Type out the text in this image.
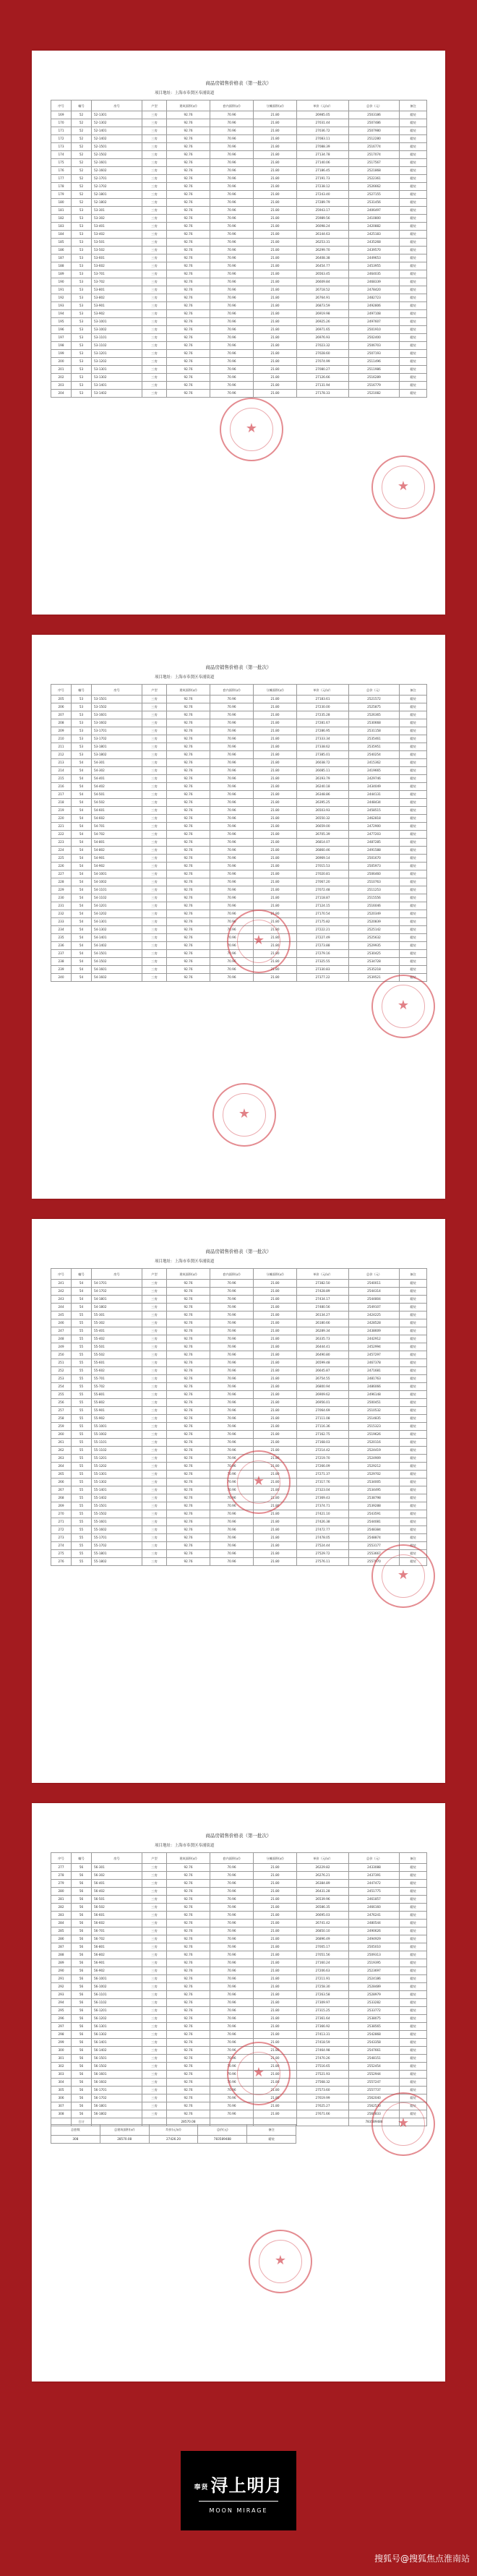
商品房销售价格表（第一批次）
项目地址：上海市奉贤区奉浦街道
序号	幢号	房号	户型	建筑面积(㎡)	套内面积(㎡)	分摊面积(㎡)	单价（元/㎡）	总价（元）	备注
169	52	52-1301	三房	92.76	70.96	21.80	26985.05	2503186	精装
170	52	52-1302	三房	92.76	70.96	21.80	27031.44	2507486	精装
171	52	52-1401	三房	92.76	70.96	21.80	27036.72	2507980	精装
172	52	52-1402	三房	92.76	70.96	21.80	27083.11	2512280	精装
173	52	52-1501	三房	92.76	70.96	21.80	27088.39	2516774	精装
174	52	52-1502	三房	92.76	70.96	21.80	27134.78	2517074	精装
175	52	52-1601	三房	92.76	70.96	21.80	27140.06	2517567	精装
176	52	52-1602	三房	92.76	70.96	21.80	27186.45	2521868	精装
177	52	52-1701	三房	92.76	70.96	21.80	27191.73	2522361	精装
178	52	52-1702	三房	92.76	70.96	21.80	27238.12	2526662	精装
179	52	52-1801	三房	92.76	70.96	21.80	27243.40	2527155	精装
180	52	52-1802	三房	92.76	70.96	21.80	27289.79	2531456	精装
181	53	53-301	三房	92.76	70.96	21.80	25943.17	2406497	精装
182	53	53-302	三房	92.76	70.96	21.80	25989.56	2410800	精装
183	53	53-401	三房	92.76	70.96	21.80	26098.24	2420882	精装
184	53	53-402	三房	92.76	70.96	21.80	26144.63	2425183	精装
185	53	53-501	三房	92.76	70.96	21.80	26253.31	2435268	精装
186	53	53-502	三房	92.76	70.96	21.80	26299.70	2439570	精装
187	53	53-601	三房	92.76	70.96	21.80	26408.38	2449653	精装
188	53	53-602	三房	92.76	70.96	21.80	26454.77	2453955	精装
189	53	53-701	三房	92.76	70.96	21.80	26563.45	2464035	精装
190	53	53-702	三房	92.76	70.96	21.80	26609.84	2468339	精装
191	53	53-801	三房	92.76	70.96	21.80	26718.52	2478420	精装
192	53	53-802	三房	92.76	70.96	21.80	26764.91	2482723	精装
193	53	53-901	三房	92.76	70.96	21.80	26873.59	2492806	精装
194	53	53-902	三房	92.76	70.96	21.80	26919.98	2497108	精装
195	53	53-1001	三房	92.76	70.96	21.80	26925.26	2497607	精装
196	53	53-1002	三房	92.76	70.96	21.80	26971.65	2501910	精装
197	53	53-1101	三房	92.76	70.96	21.80	26976.93	2502400	精装
198	53	53-1102	三房	92.76	70.96	21.80	27023.32	2506703	精装
199	53	53-1201	三房	92.76	70.96	21.80	27028.60	2507193	精装
200	53	53-1202	三房	92.76	70.96	21.80	27074.99	2511496	精装
201	53	53-1301	三房	92.76	70.96	21.80	27080.27	2511986	精装
202	53	53-1302	三房	92.76	70.96	21.80	27126.66	2516289	精装
203	53	53-1401	三房	92.76	70.96	21.80	27131.94	2516779	精装
204	53	53-1402	三房	92.76	70.96	21.80	27178.33	2521082	精装
★
★
商品房销售价格表（第一批次）
项目地址：上海市奉贤区奉浦街道
序号	幢号	房号	户型	建筑面积(㎡)	套内面积(㎡)	分摊面积(㎡)	单价（元/㎡）	总价（元）	备注
205	53	53-1501	三房	92.76	70.96	21.80	27183.61	2521572	精装
206	53	53-1502	三房	92.76	70.96	21.80	27230.00	2525875	精装
207	53	53-1601	三房	92.76	70.96	21.80	27235.28	2526365	精装
208	53	53-1602	三房	92.76	70.96	21.80	27281.67	2530668	精装
209	53	53-1701	三房	92.76	70.96	21.80	27286.95	2531158	精装
210	53	53-1702	三房	92.76	70.96	21.80	27333.34	2535461	精装
211	53	53-1801	三房	92.76	70.96	21.80	27338.62	2535951	精装
212	53	53-1802	三房	92.76	70.96	21.80	27385.01	2540254	精装
213	54	54-301	三房	92.76	70.96	21.80	26038.72	2415362	精装
214	54	54-302	三房	92.76	70.96	21.80	26085.11	2419665	精装
215	54	54-401	三房	92.76	70.96	21.80	26193.79	2429746	精装
216	54	54-402	三房	92.76	70.96	21.80	26240.18	2434049	精装
217	54	54-501	三房	92.76	70.96	21.80	26348.86	2444131	精装
218	54	54-502	三房	92.76	70.96	21.80	26395.25	2448434	精装
219	54	54-601	三房	92.76	70.96	21.80	26503.93	2458515	精装
220	54	54-602	三房	92.76	70.96	21.80	26550.32	2462818	精装
221	54	54-701	三房	92.76	70.96	21.80	26659.00	2472900	精装
222	54	54-702	三房	92.76	70.96	21.80	26705.39	2477203	精装
223	54	54-801	三房	92.76	70.96	21.80	26814.07	2487285	精装
224	54	54-802	三房	92.76	70.96	21.80	26860.46	2491588	精装
225	54	54-901	三房	92.76	70.96	21.80	26969.14	2501670	精装
226	54	54-902	三房	92.76	70.96	21.80	27015.53	2505973	精装
227	54	54-1001	三房	92.76	70.96	21.80	27020.81	2506460	精装
228	54	54-1002	三房	92.76	70.96	21.80	27067.20	2510763	精装
229	54	54-1101	三房	92.76	70.96	21.80	27072.48	2511253	精装
230	54	54-1102	三房	92.76	70.96	21.80	27118.87	2515556	精装
231	54	54-1201	三房	92.76	70.96	21.80	27124.15	2516046	精装
232	54	54-1202	三房	92.76	70.96	21.80	27170.54	2520349	精装
233	54	54-1301	三房	92.76	70.96	21.80	27175.82	2520839	精装
234	54	54-1302	三房	92.76	70.96	21.80	27222.21	2525142	精装
235	54	54-1401	三房	92.76	70.96	21.80	27227.49	2525632	精装
236	54	54-1402	三房	92.76	70.96	21.80	27273.88	2529935	精装
237	54	54-1501	三房	92.76	70.96	21.80	27279.16	2530425	精装
238	54	54-1502	三房	92.76	70.96	21.80	27325.55	2534728	精装
239	54	54-1601	三房	92.76	70.96	21.80	27330.83	2535218	精装
240	54	54-1602	三房	92.76	70.96	21.80	27377.22	2539521	精装
★
★
★
商品房销售价格表（第一批次）
项目地址：上海市奉贤区奉浦街道
序号	幢号	房号	户型	建筑面积(㎡)	套内面积(㎡)	分摊面积(㎡)	单价（元/㎡）	总价（元）	备注
241	54	54-1701	三房	92.76	70.96	21.80	27382.50	2540011	精装
242	54	54-1702	三房	92.76	70.96	21.80	27428.89	2544314	精装
243	54	54-1801	三房	92.76	70.96	21.80	27434.17	2544804	精装
244	54	54-1802	三房	92.76	70.96	21.80	27480.56	2549107	精装
245	55	55-301	三房	92.76	70.96	21.80	26134.27	2424225	精装
246	55	55-302	三房	92.76	70.96	21.80	26180.66	2428528	精装
247	55	55-401	三房	92.76	70.96	21.80	26289.34	2438609	精装
248	55	55-402	三房	92.76	70.96	21.80	26335.73	2442912	精装
249	55	55-501	三房	92.76	70.96	21.80	26444.41	2452994	精装
250	55	55-502	三房	92.76	70.96	21.80	26490.80	2457297	精装
251	55	55-601	三房	92.76	70.96	21.80	26599.48	2467378	精装
252	55	55-602	三房	92.76	70.96	21.80	26645.87	2471681	精装
253	55	55-701	三房	92.76	70.96	21.80	26754.55	2481763	精装
254	55	55-702	三房	92.76	70.96	21.80	26800.94	2486066	精装
255	55	55-801	三房	92.76	70.96	21.80	26909.62	2496148	精装
256	55	55-802	三房	92.76	70.96	21.80	26956.01	2500451	精装
257	55	55-901	三房	92.76	70.96	21.80	27064.69	2510532	精装
258	55	55-902	三房	92.76	70.96	21.80	27111.08	2514835	精装
259	55	55-1001	三房	92.76	70.96	21.80	27116.36	2515323	精装
260	55	55-1002	三房	92.76	70.96	21.80	27162.75	2519626	精装
261	55	55-1101	三房	92.76	70.96	21.80	27168.03	2520116	精装
262	55	55-1102	三房	92.76	70.96	21.80	27214.42	2524419	精装
263	55	55-1201	三房	92.76	70.96	21.80	27219.70	2524909	精装
264	55	55-1202	三房	92.76	70.96	21.80	27266.09	2529212	精装
265	55	55-1301	三房	92.76	70.96	21.80	27271.37	2529702	精装
266	55	55-1302	三房	92.76	70.96	21.80	27317.76	2534005	精装
267	55	55-1401	三房	92.76	70.96	21.80	27323.04	2534495	精装
268	55	55-1402	三房	92.76	70.96	21.80	27369.43	2538798	精装
269	55	55-1501	三房	92.76	70.96	21.80	27374.71	2539288	精装
270	55	55-1502	三房	92.76	70.96	21.80	27421.10	2543591	精装
271	55	55-1601	三房	92.76	70.96	21.80	27426.38	2544081	精装
272	55	55-1602	三房	92.76	70.96	21.80	27472.77	2548384	精装
273	55	55-1701	三房	92.76	70.96	21.80	27478.05	2548874	精装
274	55	55-1702	三房	92.76	70.96	21.80	27524.44	2553177	精装
275	55	55-1801	三房	92.76	70.96	21.80	27529.72	2553667	精装
276	55	55-1802	三房	92.76	70.96	21.80	27576.11	2557970	精装
★
★
商品房销售价格表（第一批次）
项目地址：上海市奉贤区奉浦街道
序号	幢号	房号	户型	建筑面积(㎡)	套内面积(㎡)	分摊面积(㎡)	单价（元/㎡）	总价（元）	备注
277	56	56-301	三房	92.76	70.96	21.80	26229.82	2433088	精装
278	56	56-302	三房	92.76	70.96	21.80	26276.21	2437391	精装
279	56	56-401	三房	92.76	70.96	21.80	26384.89	2447472	精装
280	56	56-402	三房	92.76	70.96	21.80	26431.28	2451775	精装
281	56	56-501	三房	92.76	70.96	21.80	26539.96	2461857	精装
282	56	56-502	三房	92.76	70.96	21.80	26586.35	2466160	精装
283	56	56-601	三房	92.76	70.96	21.80	26695.03	2476241	精装
284	56	56-602	三房	92.76	70.96	21.80	26741.42	2480544	精装
285	56	56-701	三房	92.76	70.96	21.80	26850.10	2490626	精装
286	56	56-702	三房	92.76	70.96	21.80	26896.49	2494929	精装
287	56	56-801	三房	92.76	70.96	21.80	27005.17	2505010	精装
288	56	56-802	三房	92.76	70.96	21.80	27051.56	2509313	精装
289	56	56-901	三房	92.76	70.96	21.80	27160.24	2519395	精装
290	56	56-902	三房	92.76	70.96	21.80	27206.63	2523697	精装
291	56	56-1001	三房	92.76	70.96	21.80	27211.91	2524186	精装
292	56	56-1002	三房	92.76	70.96	21.80	27258.30	2528489	精装
293	56	56-1101	三房	92.76	70.96	21.80	27263.58	2528979	精装
294	56	56-1102	三房	92.76	70.96	21.80	27309.97	2533282	精装
295	56	56-1201	三房	92.76	70.96	21.80	27315.25	2533772	精装
296	56	56-1202	三房	92.76	70.96	21.80	27361.64	2538075	精装
297	56	56-1301	三房	92.76	70.96	21.80	27366.92	2538565	精装
298	56	56-1302	三房	92.76	70.96	21.80	27413.31	2542868	精装
299	56	56-1401	三房	92.76	70.96	21.80	27418.59	2543358	精装
300	56	56-1402	三房	92.76	70.96	21.80	27464.98	2547661	精装
301	56	56-1501	三房	92.76	70.96	21.80	27470.26	2548151	精装
302	56	56-1502	三房	92.76	70.96	21.80	27516.65	2552454	精装
303	56	56-1601	三房	92.76	70.96	21.80	27521.93	2552944	精装
304	56	56-1602	三房	92.76	70.96	21.80	27568.32	2557247	精装
305	56	56-1701	三房	92.76	70.96	21.80	27573.60	2557737	精装
306	56	56-1702	三房	92.76	70.96	21.80	27619.99	2562040	精装
307	56	56-1801	三房	92.76	70.96	21.80	27625.27	2562530	精装
308	56	56-1802	三房	92.76	70.96	21.80	27671.66	2566833	精装
	合计			28570.08				783589488	
总套数	总建筑面积(㎡)	均价(元/㎡)	总价(元)	备注
308	28570.08	27426.20	783589488	精装
★
★
★
奉贤 浔上明月
MOON MIRAGE
搜狐号@搜狐焦点淮南站
